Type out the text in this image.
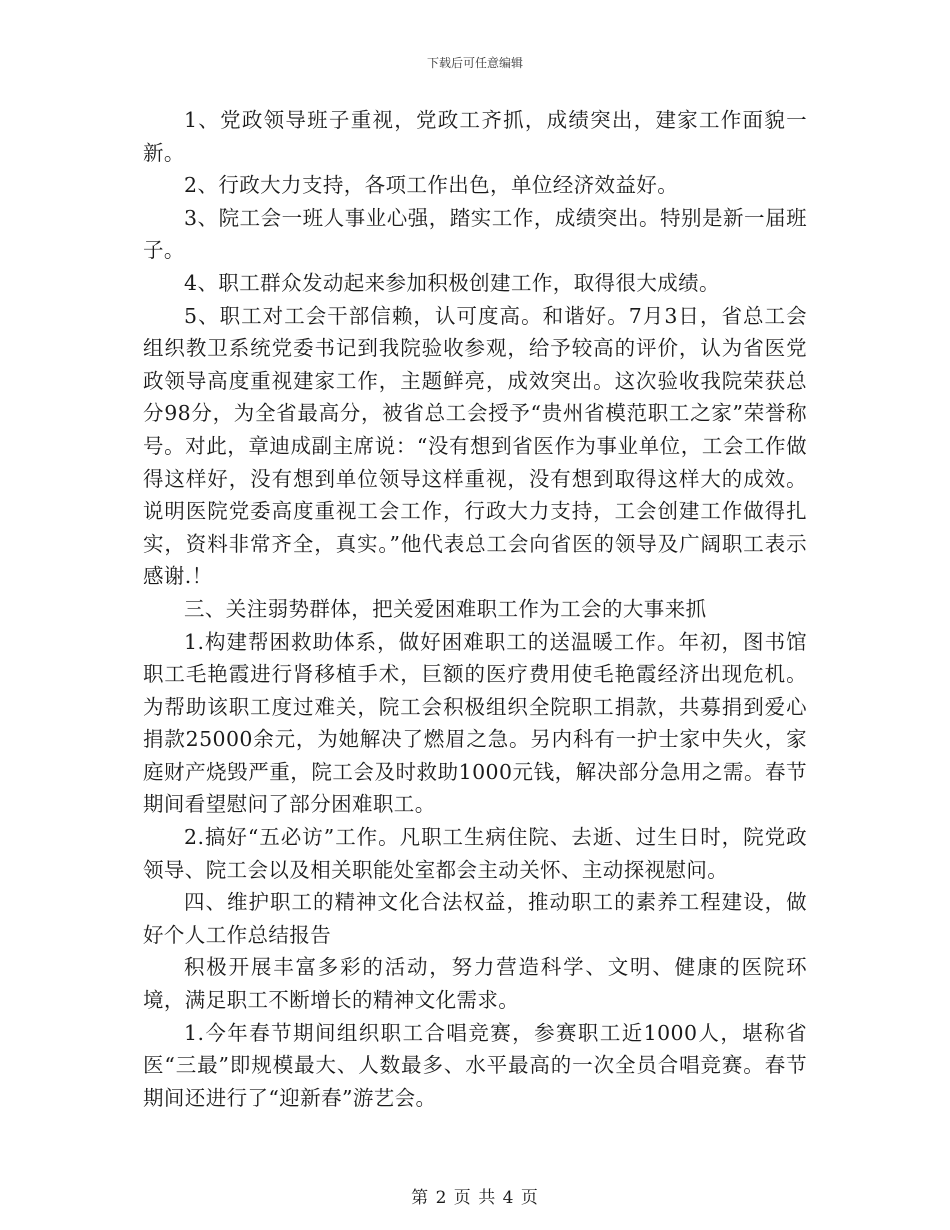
下载后可任意编辑

1、党政领导班子重视，党政工齐抓，成绩突出，建家工作面貌一新。

2、行政大力支持，各项工作出色，单位经济效益好。

3、院工会一班人事业心强，踏实工作，成绩突出。特别是新一届班子。

4、职工群众发动起来参加积极创建工作，取得很大成绩。

5、职工对工会干部信赖，认可度高。和谐好。7月3日，省总工会组织教卫系统党委书记到我院验收参观，给予较高的评价，认为省医党政领导高度重视建家工作，主题鲜亮，成效突出。这次验收我院荣获总分98分，为全省最高分，被省总工会授予“贵州省模范职工之家”荣誉称号。对此，章迪成副主席说：“没有想到省医作为事业单位，工会工作做得这样好，没有想到单位领导这样重视，没有想到取得这样大的成效。说明医院党委高度重视工会工作，行政大力支持，工会创建工作做得扎实，资料非常齐全，真实。”他代表总工会向省医的领导及广阔职工表示感谢.！

三、关注弱势群体，把关爱困难职工作为工会的大事来抓

1.构建帮困救助体系，做好困难职工的送温暖工作。年初，图书馆职工毛艳霞进行肾移植手术，巨额的医疗费用使毛艳霞经济出现危机。为帮助该职工度过难关，院工会积极组织全院职工捐款，共募捐到爱心捐款25000余元，为她解决了燃眉之急。另内科有一护士家中失火，家庭财产烧毁严重，院工会及时救助1000元钱，解决部分急用之需。春节期间看望慰问了部分困难职工。

2.搞好“五必访”工作。凡职工生病住院、去逝、过生日时，院党政领导、院工会以及相关职能处室都会主动关怀、主动探视慰问。

四、维护职工的精神文化合法权益，推动职工的素养工程建设，做好个人工作总结报告

积极开展丰富多彩的活动，努力营造科学、文明、健康的医院环境，满足职工不断增长的精神文化需求。

1.今年春节期间组织职工合唱竞赛，参赛职工近1000人，堪称省医“三最”即规模最大、人数最多、水平最高的一次全员合唱竞赛。春节期间还进行了“迎新春”游艺会。

第 2 页 共 4 页
